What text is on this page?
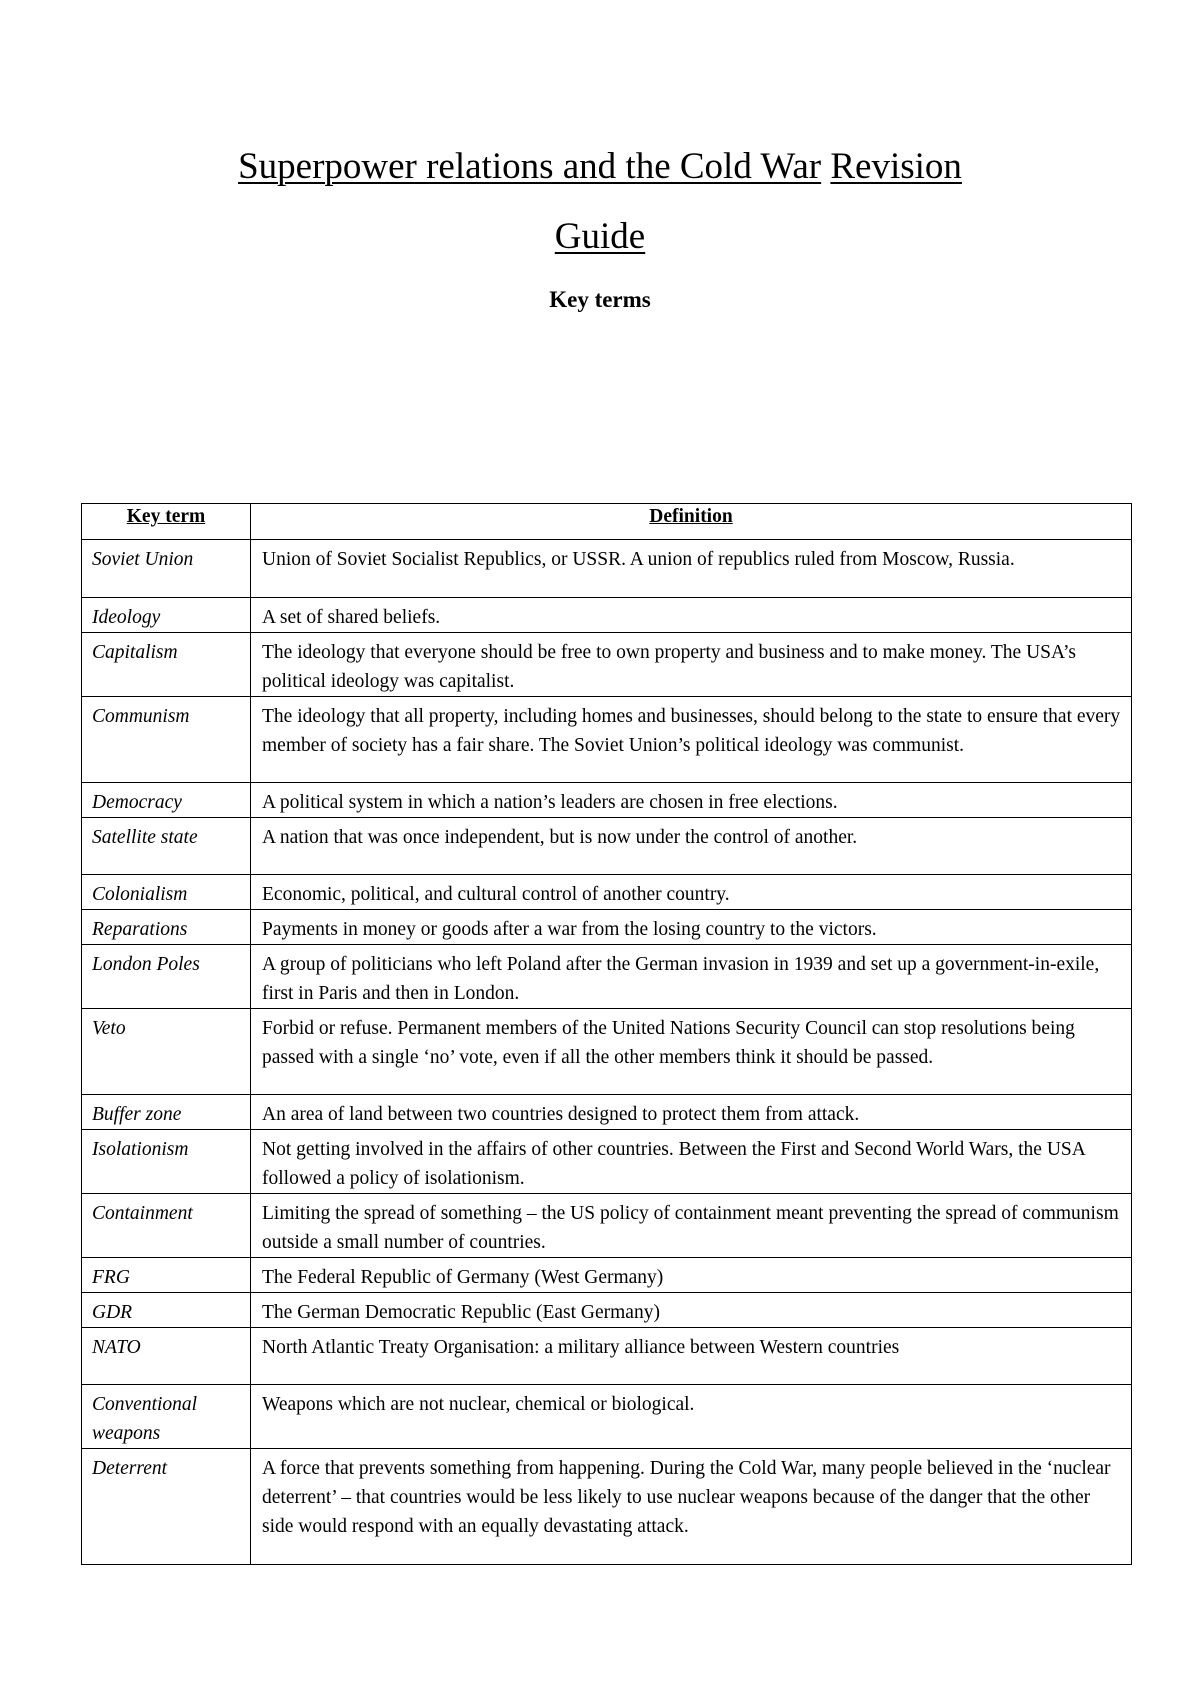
Superpower relations and the Cold War Revision
Guide
Key terms
Key term	Definition
Soviet Union	Union of Soviet Socialist Republics, or USSR. A union of republics ruled from Moscow, Russia.
Ideology	A set of shared beliefs.
Capitalism	The ideology that everyone should be free to own property and business and to make money. The USA’s political ideology was capitalist.
Communism	The ideology that all property, including homes and businesses, should belong to the state to ensure that every member of society has a fair share. The Soviet Union’s political ideology was communist.
Democracy	A political system in which a nation’s leaders are chosen in free elections.
Satellite state	A nation that was once independent, but is now under the control of another.
Colonialism	Economic, political, and cultural control of another country.
Reparations	Payments in money or goods after a war from the losing country to the victors.
London Poles	A group of politicians who left Poland after the German invasion in 1939 and set up a government-in-exile, first in Paris and then in London.
Veto	Forbid or refuse. Permanent members of the United Nations Security Council can stop resolutions being passed with a single ‘no’ vote, even if all the other members think it should be passed.
Buffer zone	An area of land between two countries designed to protect them from attack.
Isolationism	Not getting involved in the affairs of other countries. Between the First and Second World Wars, the USA followed a policy of isolationism.
Containment	Limiting the spread of something – the US policy of containment meant preventing the spread of communism outside a small number of countries.
FRG	The Federal Republic of Germany (West Germany)
GDR	The German Democratic Republic (East Germany)
NATO	North Atlantic Treaty Organisation: a military alliance between Western countries
Conventional weapons	Weapons which are not nuclear, chemical or biological.
Deterrent	A force that prevents something from happening. During the Cold War, many people believed in the ‘nuclear deterrent’ – that countries would be less likely to use nuclear weapons because of the danger that the other side would respond with an equally devastating attack.
